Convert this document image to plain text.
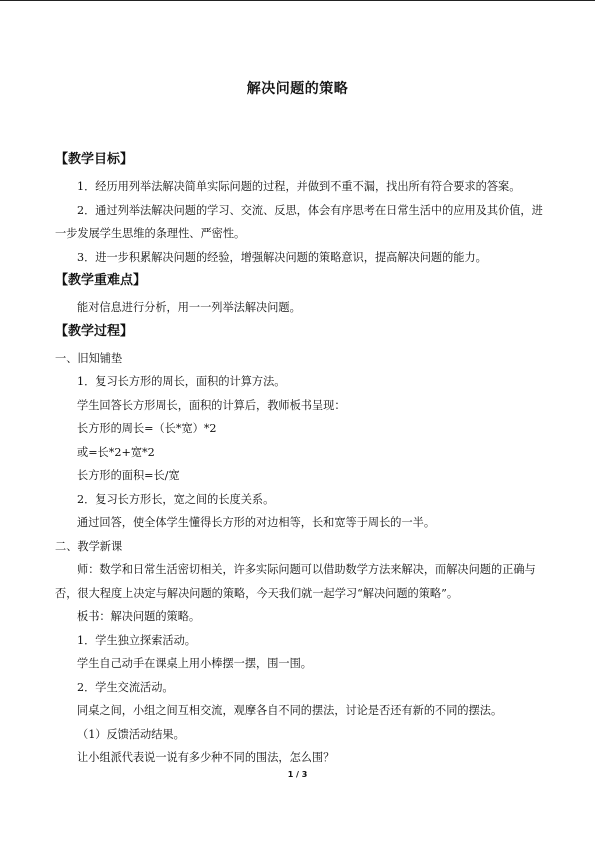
解决问题的策略
【教学目标】

1．经历用列举法解决简单实际问题的过程，并做到不重不漏，找出所有符合要求的答案。

2．通过列举法解决问题的学习、交流、反思，体会有序思考在日常生活中的应用及其价值，进一步发展学生思维的条理性、严密性。

3．进一步积累解决问题的经验，增强解决问题的策略意识，提高解决问题的能力。

【教学重难点】

能对信息进行分析，用一一列举法解决问题。

【教学过程】

一、旧知铺垫

1．复习长方形的周长，面积的计算方法。

学生回答长方形周长，面积的计算后，教师板书呈现：

长方形的周长=（长*宽）*2

或=长*2+宽*2

长方形的面积=长/宽

2．复习长方形长，宽之间的长度关系。

通过回答，使全体学生懂得长方形的对边相等，长和宽等于周长的一半。

二、教学新课

师：数学和日常生活密切相关，许多实际问题可以借助数学方法来解决，而解决问题的正确与否，很大程度上决定与解决问题的策略，今天我们就一起学习“解决问题的策略”。

板书：解决问题的策略。

1．学生独立探索活动。

学生自己动手在课桌上用小棒摆一摆，围一围。

2．学生交流活动。

同桌之间，小组之间互相交流，观摩各自不同的摆法，讨论是否还有新的不同的摆法。

（1）反馈活动结果。

让小组派代表说一说有多少种不同的围法，怎么围？

1 / 3
